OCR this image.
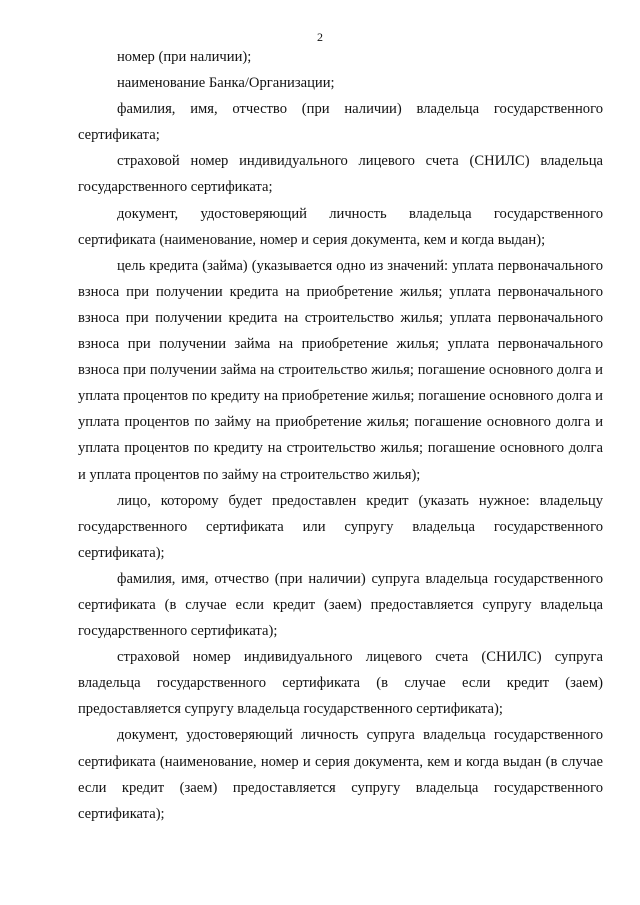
2

номер (при наличии);

наименование Банка/Организации;

фамилия, имя, отчество (при наличии) владельца государственного сертификата;

страховой номер индивидуального лицевого счета (СНИЛС) владельца государственного сертификата;

документ, удостоверяющий личность владельца государственного сертификата (наименование, номер и серия документа, кем и когда выдан);

цель кредита (займа) (указывается одно из значений: уплата первоначального взноса при получении кредита на приобретение жилья; уплата первоначального взноса при получении кредита на строительство жилья; уплата первоначального взноса при получении займа на приобретение жилья; уплата первоначального взноса при получении займа на строительство жилья; погашение основного долга и уплата процентов по кредиту на приобретение жилья; погашение основного долга и уплата процентов по займу на приобретение жилья; погашение основного долга и уплата процентов по кредиту на строительство жилья; погашение основного долга и уплата процентов по займу на строительство жилья);

лицо, которому будет предоставлен кредит (указать нужное: владельцу государственного сертификата или супругу владельца государственного сертификата);

фамилия, имя, отчество (при наличии) супруга владельца государственного сертификата (в случае если кредит (заем) предоставляется супругу владельца государственного сертификата);

страховой номер индивидуального лицевого счета (СНИЛС) супруга владельца государственного сертификата (в случае если кредит (заем) предоставляется супругу владельца государственного сертификата);

документ, удостоверяющий личность супруга владельца государственного сертификата (наименование, номер и серия документа, кем и когда выдан (в случае если кредит (заем) предоставляется супругу владельца государственного сертификата);
